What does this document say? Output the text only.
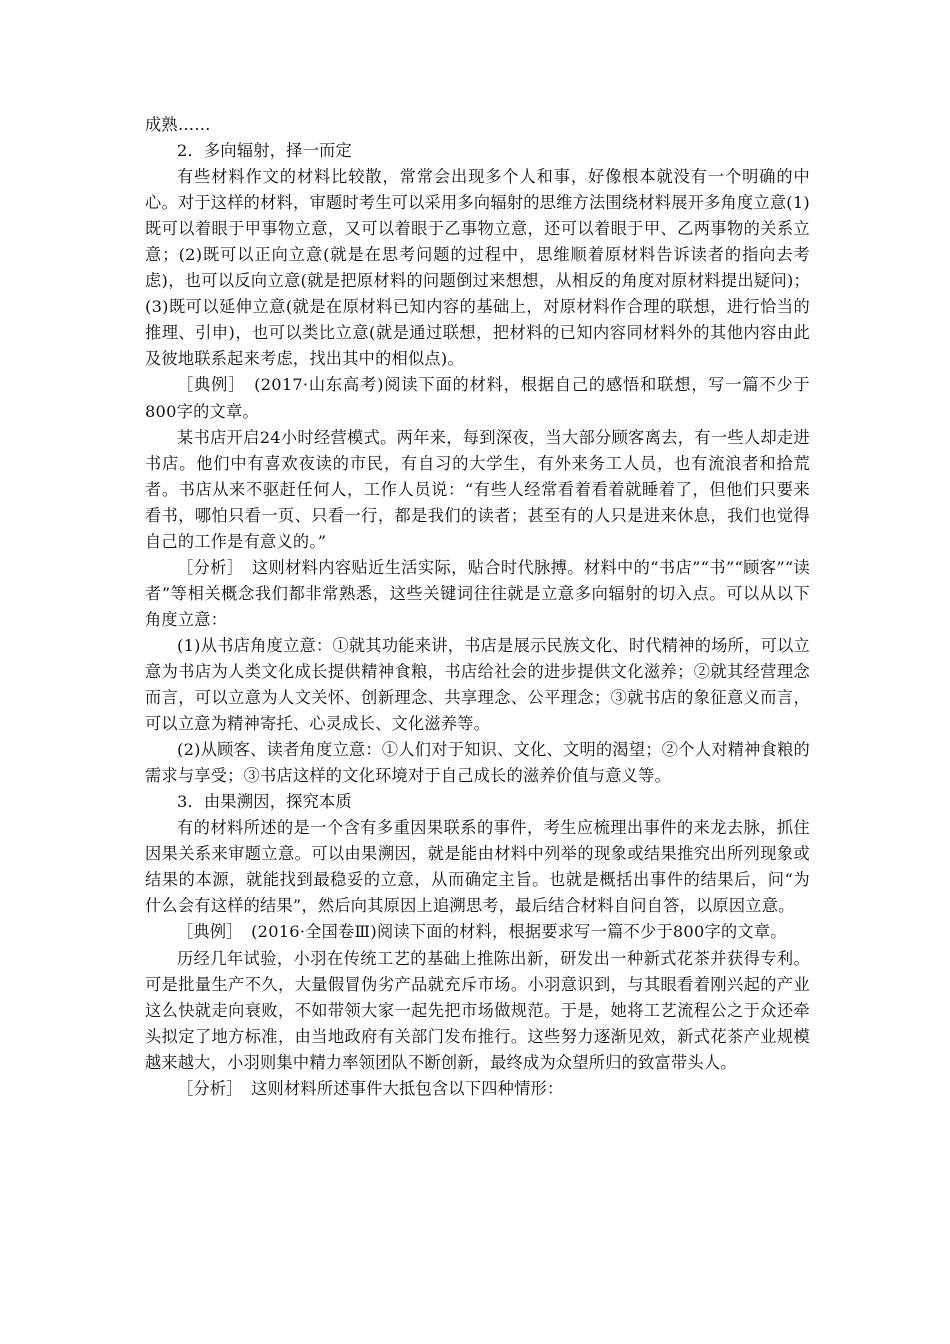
成熟……

2．多向辐射，择一而定

有些材料作文的材料比较散，常常会出现多个人和事，好像根本就没有一个明确的中心。对于这样的材料，审题时考生可以采用多向辐射的思维方法围绕材料展开多角度立意(1)既可以着眼于甲事物立意，又可以着眼于乙事物立意，还可以着眼于甲、乙两事物的关系立意；(2)既可以正向立意(就是在思考问题的过程中，思维顺着原材料告诉读者的指向去考虑)，也可以反向立意(就是把原材料的问题倒过来想想，从相反的角度对原材料提出疑问)；(3)既可以延伸立意(就是在原材料已知内容的基础上，对原材料作合理的联想，进行恰当的推理、引申)，也可以类比立意(就是通过联想，把材料的已知内容同材料外的其他内容由此及彼地联系起来考虑，找出其中的相似点)。

［典例］　(2017·山东高考)阅读下面的材料，根据自己的感悟和联想，写一篇不少于800字的文章。

某书店开启24小时经营模式。两年来，每到深夜，当大部分顾客离去，有一些人却走进书店。他们中有喜欢夜读的市民，有自习的大学生，有外来务工人员，也有流浪者和拾荒者。书店从来不驱赶任何人，工作人员说：“有些人经常看着看着就睡着了，但他们只要来看书，哪怕只看一页、只看一行，都是我们的读者；甚至有的人只是进来休息，我们也觉得自己的工作是有意义的。”

［分析］　这则材料内容贴近生活实际，贴合时代脉搏。材料中的“书店”“书”“顾客”“读者”等相关概念我们都非常熟悉，这些关键词往往就是立意多向辐射的切入点。可以从以下角度立意：

(1)从书店角度立意：①就其功能来讲，书店是展示民族文化、时代精神的场所，可以立意为书店为人类文化成长提供精神食粮，书店给社会的进步提供文化滋养；②就其经营理念而言，可以立意为人文关怀、创新理念、共享理念、公平理念；③就书店的象征意义而言，可以立意为精神寄托、心灵成长、文化滋养等。

(2)从顾客、读者角度立意：①人们对于知识、文化、文明的渴望；②个人对精神食粮的需求与享受；③书店这样的文化环境对于自己成长的滋养价值与意义等。

3．由果溯因，探究本质

有的材料所述的是一个含有多重因果联系的事件，考生应梳理出事件的来龙去脉，抓住因果关系来审题立意。可以由果溯因，就是能由材料中列举的现象或结果推究出所列现象或结果的本源，就能找到最稳妥的立意，从而确定主旨。也就是概括出事件的结果后，问“为什么会有这样的结果”，然后向其原因上追溯思考，最后结合材料自问自答，以原因立意。

［典例］　(2016·全国卷Ⅲ)阅读下面的材料，根据要求写一篇不少于800字的文章。

历经几年试验，小羽在传统工艺的基础上推陈出新，研发出一种新式花茶并获得专利。可是批量生产不久，大量假冒伪劣产品就充斥市场。小羽意识到，与其眼看着刚兴起的产业这么快就走向衰败，不如带领大家一起先把市场做规范。于是，她将工艺流程公之于众还牵头拟定了地方标准，由当地政府有关部门发布推行。这些努力逐渐见效，新式花茶产业规模越来越大，小羽则集中精力率领团队不断创新，最终成为众望所归的致富带头人。

［分析］　这则材料所述事件大抵包含以下四种情形：
